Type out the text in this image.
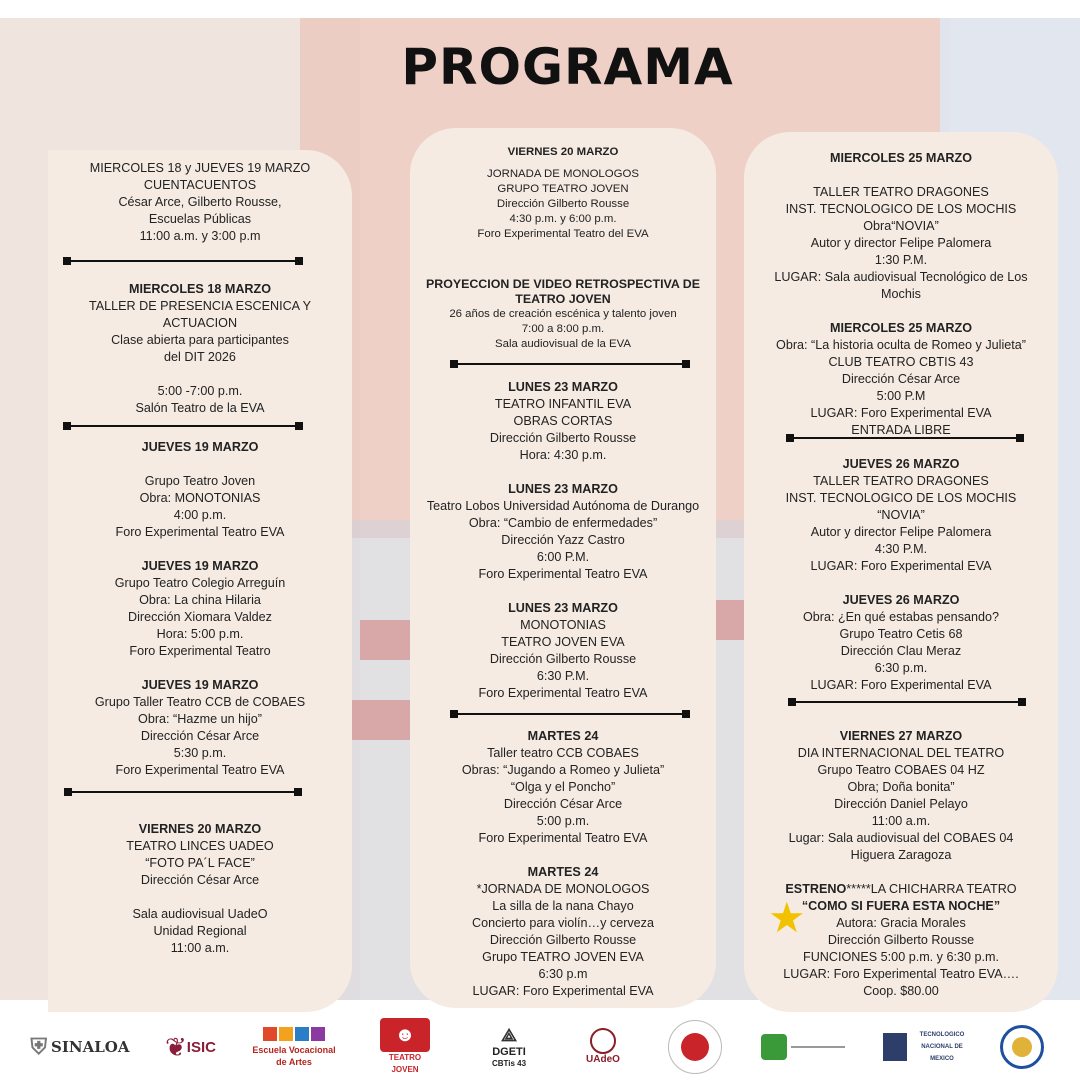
PROGRAMA

MIERCOLES 18 y JUEVES 19 MARZO

CUENTACUENTOS

César Arce, Gilberto Rousse,

Escuelas Públicas

11:00 a.m. y 3:00 p.m

MIERCOLES 18 MARZO

TALLER DE PRESENCIA ESCENICA Y

ACTUACION

Clase abierta para participantes

del DIT 2026

5:00 -7:00 p.m.

Salón Teatro de la EVA

JUEVES 19 MARZO

Grupo Teatro Joven

Obra: MONOTONIAS

4:00 p.m.

Foro Experimental Teatro EVA

JUEVES 19 MARZO

Grupo Teatro Colegio Arreguín

Obra: La china Hilaria

Dirección Xiomara Valdez

Hora: 5:00 p.m.

Foro Experimental Teatro

JUEVES 19 MARZO

Grupo Taller Teatro CCB de COBAES

Obra: “Hazme un hijo”

Dirección César Arce

5:30 p.m.

Foro Experimental Teatro EVA

VIERNES 20 MARZO

TEATRO LINCES UADEO

“FOTO PA´L FACE”

Dirección César Arce

Sala audiovisual UadeO

Unidad Regional

11:00 a.m.

VIERNES 20 MARZO

JORNADA DE MONOLOGOS

GRUPO TEATRO JOVEN

Dirección Gilberto Rousse

4:30 p.m. y 6:00 p.m.

Foro Experimental Teatro del EVA

PROYECCION DE VIDEO RETROSPECTIVA DE

TEATRO JOVEN

26 años de creación escénica y talento joven

7:00 a 8:00 p.m.

Sala audiovisual de la EVA

LUNES 23 MARZO

TEATRO INFANTIL EVA

OBRAS CORTAS

Dirección Gilberto Rousse

Hora: 4:30 p.m.

LUNES 23 MARZO

Teatro Lobos Universidad Autónoma de Durango

Obra: “Cambio de enfermedades”

Dirección Yazz Castro

6:00 P.M.

Foro Experimental Teatro EVA

LUNES 23 MARZO

MONOTONIAS

TEATRO JOVEN EVA

Dirección Gilberto Rousse

6:30 P.M.

Foro Experimental Teatro EVA

MARTES 24

Taller teatro CCB COBAES

Obras: “Jugando a Romeo y Julieta”

“Olga y el Poncho”

Dirección César Arce

5:00 p.m.

Foro Experimental Teatro EVA

MARTES 24

*JORNADA DE MONOLOGOS

La silla de la nana Chayo

Concierto para violín…y cerveza

Dirección Gilberto Rousse

Grupo TEATRO JOVEN EVA

6:30 p.m

LUGAR: Foro Experimental EVA

MIERCOLES 25 MARZO

TALLER TEATRO DRAGONES

INST. TECNOLOGICO DE LOS MOCHIS

Obra“NOVIA”

Autor y director Felipe Palomera

1:30 P.M.

LUGAR: Sala audiovisual Tecnológico de Los

Mochis

MIERCOLES 25 MARZO

Obra: “La historia oculta de Romeo y Julieta”

CLUB TEATRO CBTIS 43

Dirección César Arce

5:00 P.M

LUGAR: Foro Experimental EVA

ENTRADA LIBRE

JUEVES 26 MARZO

TALLER TEATRO DRAGONES

INST. TECNOLOGICO DE LOS MOCHIS

“NOVIA”

Autor y director Felipe Palomera

4:30 P.M.

LUGAR: Foro Experimental EVA

JUEVES 26 MARZO

Obra: ¿En qué estabas pensando?

Grupo Teatro Cetis 68

Dirección Clau Meraz

6:30 p.m.

LUGAR: Foro Experimental EVA

VIERNES 27 MARZO

DIA INTERNACIONAL DEL TEATRO

Grupo Teatro COBAES 04 HZ

Obra; Doña bonita”

Dirección Daniel Pelayo

11:00 a.m.

Lugar: Sala audiovisual del COBAES 04

Higuera Zaragoza

ESTRENO*****LA CHICHARRA TEATRO

“COMO SI FUERA ESTA NOCHE”

Autora: Gracia Morales

Dirección Gilberto Rousse

FUNCIONES 5:00 p.m. y 6:30 p.m.

LUGAR: Foro Experimental Teatro EVA….

Coop. $80.00

★
⛨ SINALOA ❦ ISIC	Escuela Vocacional
de Artes
☻
TEATRO JOVEN
⟁
DGETI
CBTis 43	UAdeO
TECNOLOGICO NACIONAL DE MEXICO
